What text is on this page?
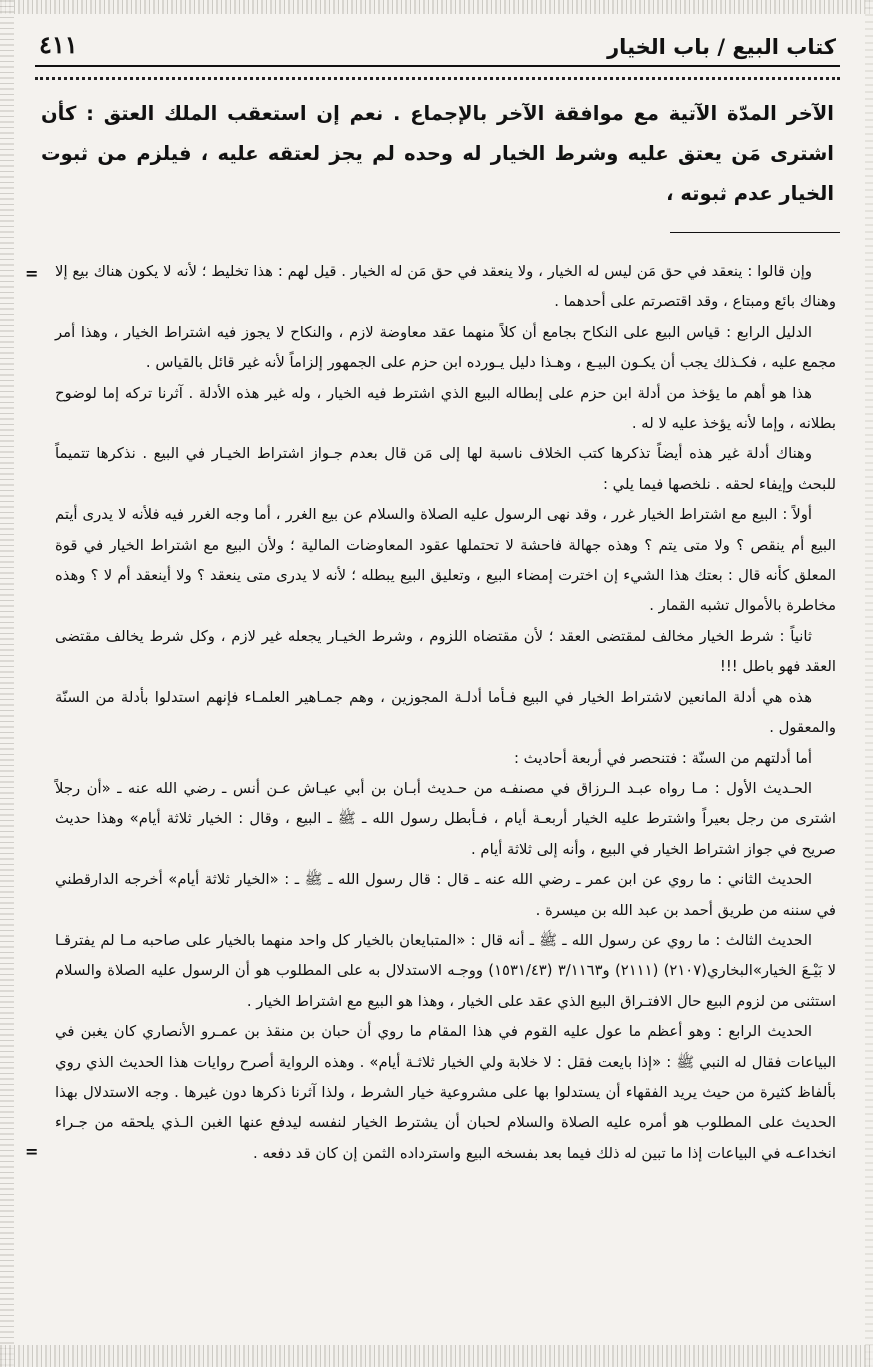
كتاب البيع / باب الخيار
٤١١
الآخر المدّة الآتية مع موافقة الآخر بالإجماع . نعم إن استعقب الملك العتق : كأن اشترى مَن يعتق عليه وشرط الخيار له وحده لم يجز لعتقه عليه ، فيلزم من ثبوت الخيار عدم ثبوته ،
= وإن قالوا : ينعقد في حق مَن ليس له الخيار ، ولا ينعقد في حق مَن له الخيار . قيل لهم : هذا تخليط ؛ لأنه لا يكون هناك بيع إلا وهناك بائع ومبتاع ، وقد اقتصرتم على أحدهما .

الدليل الرابع : قياس البيع على النكاح بجامع أن كلاً منهما عقد معاوضة لازم ، والنكاح لا يجوز فيه اشتراط الخيار ، وهذا أمر مجمع عليه ، فكـذلك يجب أن يكـون البيـع ، وهـذا دليل يـورده ابن حزم على الجمهور إلزاماً لأنه غير قائل بالقياس .

هذا هو أهم ما يؤخذ من أدلة ابن حزم على إبطاله البيع الذي اشترط فيه الخيار ، وله غير هذه الأدلة . آثرنا تركه إما لوضوح بطلانه ، وإما لأنه يؤخذ عليه لا له .

وهناك أدلة غير هذه أيضاً تذكرها كتب الخلاف ناسبة لها إلى مَن قال بعدم جـواز اشتراط الخيـار في البيع . نذكرها تتميماً للبحث وإيفاء لحقه . نلخصها فيما يلي :

أولاً : البيع مع اشتراط الخيار غرر ، وقد نهى الرسول عليه الصلاة والسلام عن بيع الغرر ، أما وجه الغرر فيه فلأنه لا يدرى أيتم البيع أم ينقص ؟ ولا متى يتم ؟ وهذه جهالة فاحشة لا تحتملها عقود المعاوضات المالية ؛ ولأن البيع مع اشتراط الخيار في قوة المعلق كأنه قال : بعتك هذا الشيء إن اخترت إمضاء البيع ، وتعليق البيع يبطله ؛ لأنه لا يدرى متى ينعقد ؟ ولا أينعقد أم لا ؟ وهذه مخاطرة بالأموال تشبه القمار .

ثانياً : شرط الخيار مخالف لمقتضى العقد ؛ لأن مقتضاه اللزوم ، وشرط الخيـار يجعله غير لازم ، وكل شرط يخالف مقتضى العقد فهو باطل !!!

هذه هي أدلة المانعين لاشتراط الخيار في البيع فـأما أدلـة المجوزين ، وهم جمـاهير العلمـاء فإنهم استدلوا بأدلة من السنّة والمعقول .

أما أدلتهم من السنّة : فتنحصر في أربعة أحاديث :

الحـديث الأول : مـا رواه عبـد الـرزاق في مصنفـه من حـديث أبـان بن أبي عيـاش عـن أنس ـ رضي الله عنه ـ «أن رجلاً اشترى من رجل بعيراً واشترط عليه الخيار أربعـة أيام ، فـأبطل رسول الله ـ ﷺ ـ البيع ، وقال : الخيار ثلاثة أيام» وهذا حديث صريح في جواز اشتراط الخيار في البيع ، وأنه إلى ثلاثة أيام .

الحديث الثاني : ما روي عن ابن عمر ـ رضي الله عنه ـ قال : قال رسول الله ـ ﷺ ـ : «الخيار ثلاثة أيام» أخرجه الدارقطني في سننه من طريق أحمد بن عبد الله بن ميسرة .

الحديث الثالث : ما روي عن رسول الله ـ ﷺ ـ أنه قال : «المتبايعان بالخيار كل واحد منهما بالخيار على صاحبه مـا لم يفترقـا لا بَيْـعَ الخيار»البخاري(٢١٠٧) (٢١١١) و٣/١١٦٣ (١٥٣١/٤٣) ووجـه الاستدلال به على المطلوب هو أن الرسول عليه الصلاة والسلام استثنى من لزوم البيع حال الافتـراق البيع الذي عقد على الخيار ، وهذا هو البيع مع اشتراط الخيار .

الحديث الرابع : وهو أعظم ما عول عليه القوم في هذا المقام ما روي أن حبان بن منقذ بن عمـرو الأنصاري كان يغبن في البياعات فقال له النبي ﷺ : «إذا بايعت فقل : لا خلابة ولي الخيار ثلاثـة أيام» . وهذه الرواية أصرح روايات هذا الحديث الذي روي بألفاظ كثيرة من حيث يريد الفقهاء أن يستدلوا بها على مشروعية خيار الشرط ، ولذا آثرنا ذكرها دون غيرها . وجه الاستدلال بهذا الحديث على المطلوب هو أمره عليه الصلاة والسلام لحبان أن يشترط الخيار لنفسه ليدفع عنها الغبن الـذي يلحقه من جـراء انخداعـه في البياعات إذا ما تبين له ذلك فيما بعد بفسخه البيع واسترداده الثمن إن كان قد دفعه .

=
